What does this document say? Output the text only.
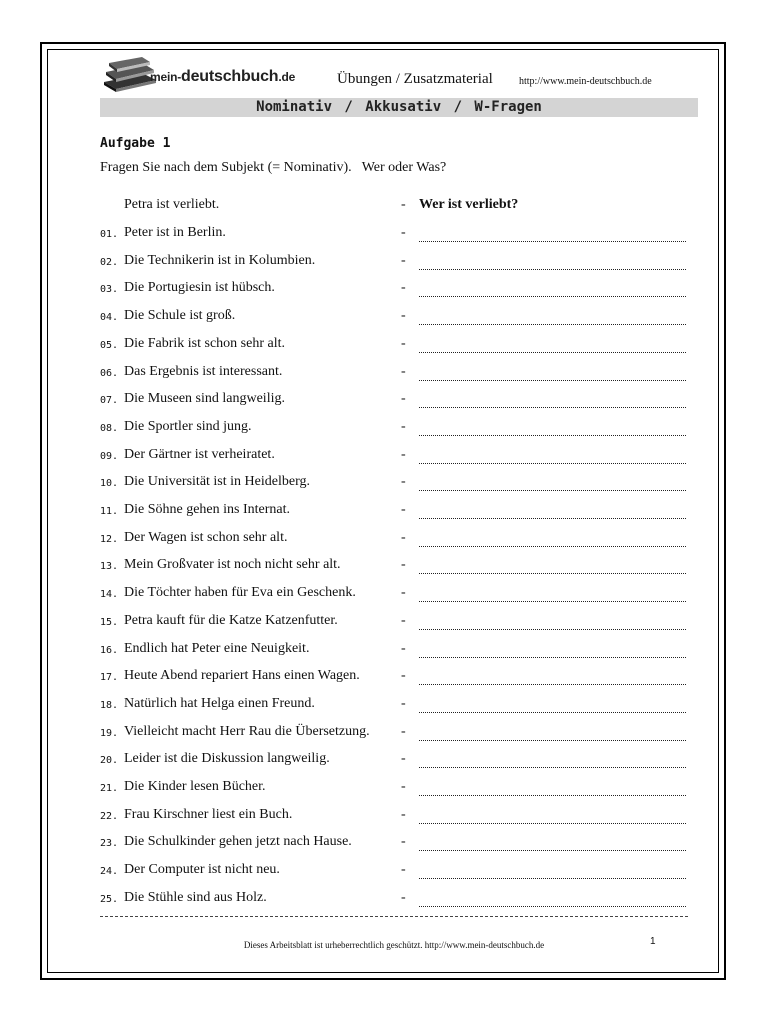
mein-deutschbuch.de	Übungen / Zusatzmaterial	http://www.mein-deutschbuch.de
Nominativ / Akkusativ / W-Fragen
Aufgabe 1
Fragen Sie nach dem Subjekt (= Nominativ). Wer oder Was?
Petra ist verliebt.	- Wer ist verliebt?
01. Peter ist in Berlin.	-
02. Die Technikerin ist in Kolumbien.	-
03. Die Portugiesin ist hübsch.	-
04. Die Schule ist groß.	-
05. Die Fabrik ist schon sehr alt.	-
06. Das Ergebnis ist interessant.	-
07. Die Museen sind langweilig.	-
08. Die Sportler sind jung.	-
09. Der Gärtner ist verheiratet.	-
10. Die Universität ist in Heidelberg.	-
11. Die Söhne gehen ins Internat.	-
12. Der Wagen ist schon sehr alt.	-
13. Mein Großvater ist noch nicht sehr alt.	-
14. Die Töchter haben für Eva ein Geschenk.	-
15. Petra kauft für die Katze Katzenfutter.	-
16. Endlich hat Peter eine Neuigkeit.	-
17. Heute Abend repariert Hans einen Wagen.	-
18. Natürlich hat Helga einen Freund.	-
19. Vielleicht macht Herr Rau die Übersetzung. -
20. Leider ist die Diskussion langweilig.	-
21. Die Kinder lesen Bücher.	-
22. Frau Kirschner liest ein Buch.	-
23. Die Schulkinder gehen jetzt nach Hause.	-
24. Der Computer ist nicht neu.	-
25. Die Stühle sind aus Holz.	-
Dieses Arbeitsblatt ist urheberrechtlich geschützt. http://www.mein-deutschbuch.de	1
